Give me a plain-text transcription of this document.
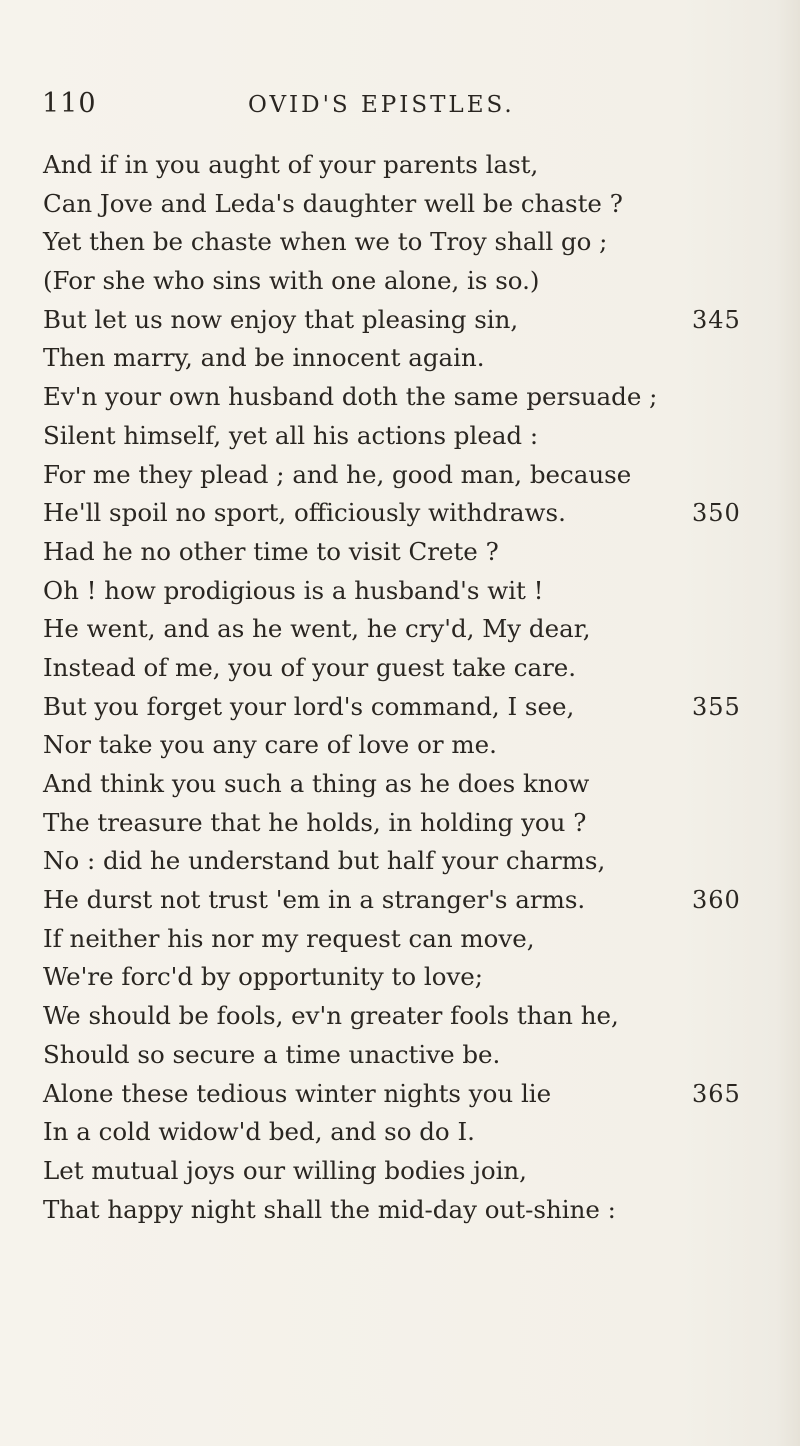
110	OVID'S EPISTLES.
And if in you aught of your parents last,
Can Jove and Leda's daughter well be chaste ?
Yet then be chaste when we to Troy shall go ;
(For she who sins with one alone, is so.)
But let us now enjoy that pleasing sin,	345
Then marry, and be innocent again.
Ev'n your own husband doth the same persuade ;
Silent himself, yet all his actions plead :
For me they plead ; and he, good man, because
He'll spoil no sport, officiously withdraws.	350
Had he no other time to visit Crete ?
Oh ! how prodigious is a husband's wit !
He went, and as he went, he cry'd, My dear,
Instead of me, you of your guest take care.
But you forget your lord's command, I see,	355
Nor take you any care of love or me.
And think you such a thing as he does know
The treasure that he holds, in holding you ?
No : did he understand but half your charms,
He durst not trust 'em in a stranger's arms.	360
If neither his nor my request can move,
We're forc'd by opportunity to love;
We should be fools, ev'n greater fools than he,
Should so secure a time unactive be.
Alone these tedious winter nights you lie	365
In a cold widow'd bed, and so do I.
Let mutual joys our willing bodies join,
That happy night shall the mid-day out-shine :
